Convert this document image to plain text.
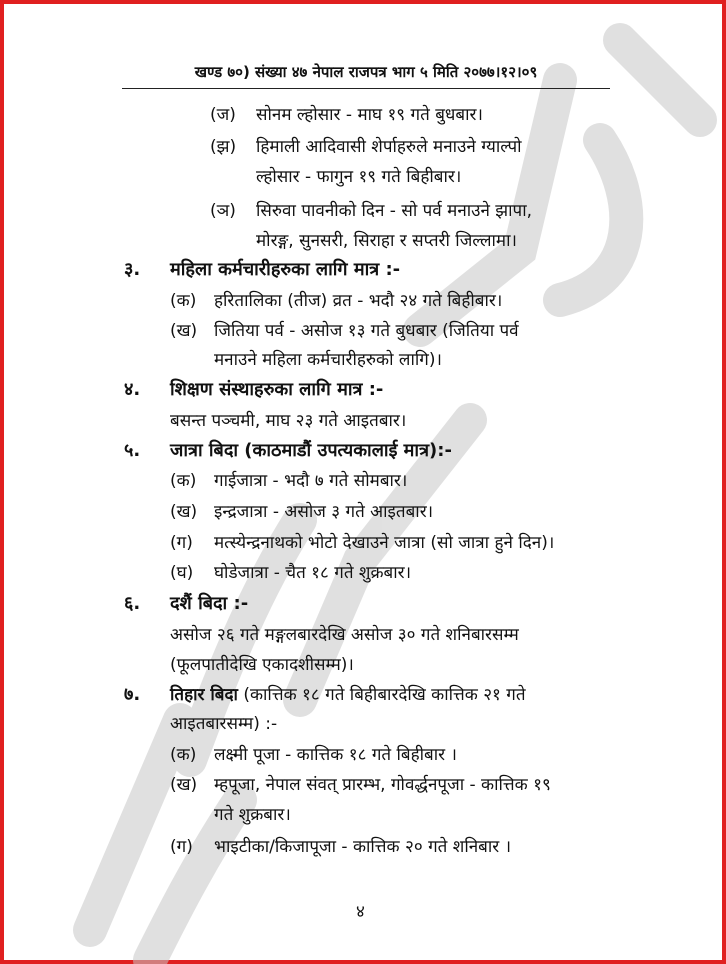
खण्ड ७०) संख्या ४७ नेपाल राजपत्र भाग ५ मिति २०७७।१२।०९
(ज) सोनम ल्होसार - माघ १९ गते बुधबार।
(झ) हिमाली आदिवासी शेर्पाहरुले मनाउने ग्याल्पो
ल्होसार - फागुन १९ गते बिहीबार।
(ञ) सिरुवा पावनीको दिन - सो पर्व मनाउने झापा,
मोरङ्ग, सुनसरी, सिराहा र सप्तरी जिल्लामा।
३. महिला कर्मचारीहरुका लागि मात्र :-
(क) हरितालिका (तीज) व्रत - भदौ २४ गते बिहीबार।
(ख) जितिया पर्व - असोज १३ गते बुधबार (जितिया पर्व
मनाउने महिला कर्मचारीहरुको लागि)।
४. शिक्षण संस्थाहरुका लागि मात्र :-
बसन्त पञ्चमी, माघ २३ गते आइतबार।
५. जात्रा बिदा (काठमाडौं उपत्यकालाई मात्र):-
(क) गाईजात्रा - भदौ ७ गते सोमबार।
(ख) इन्द्रजात्रा - असोज ३ गते आइतबार।
(ग) मत्स्येन्द्रनाथको भोटो देखाउने जात्रा (सो जात्रा हुने दिन)।
(घ) घोडेजात्रा - चैत १८ गते शुक्रबार।
६. दशैं बिदा :-
असोज २६ गते मङ्गलबारदेखि असोज ३० गते शनिबारसम्म
(फूलपातीदेखि एकादशीसम्म)।
७. तिहार बिदा (कात्तिक १८ गते बिहीबारदेखि कात्तिक २१ गते
आइतबारसम्म) :-
(क) लक्ष्मी पूजा - कात्तिक १८ गते बिहीबार ।
(ख) म्हपूजा, नेपाल संवत् प्रारम्भ, गोवर्द्धनपूजा - कात्तिक १९
गते शुक्रबार।
(ग) भाइटीका/किजापूजा - कात्तिक २० गते शनिबार ।
४
